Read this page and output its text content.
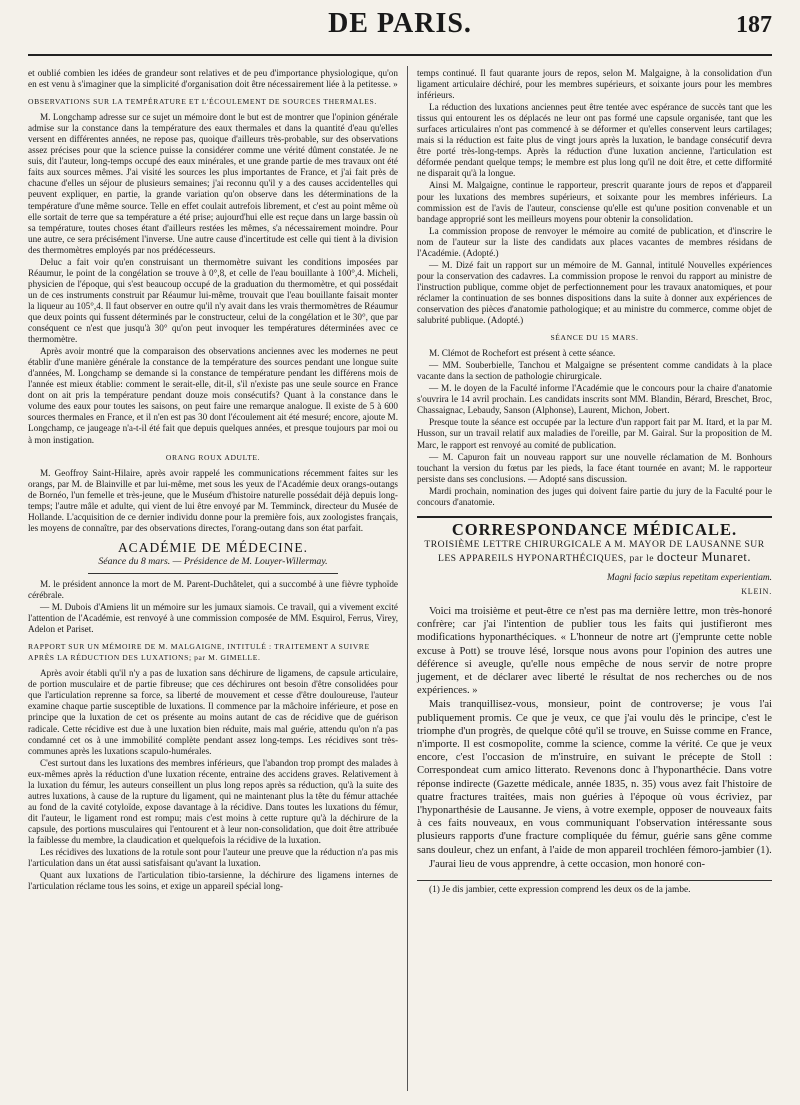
DE PARIS.	187

et oublié combien les idées de grandeur sont relatives et de peu d'importance physiologique, qu'on en est venu à s'imaginer que la simplicité d'organisation doit être nécessairement liée à la petitesse. »

OBSERVATIONS SUR LA TEMPÉRATURE ET L'ÉCOULEMENT DE SOURCES THERMALES.

M. Longchamp adresse sur ce sujet un mémoire dont le but est de montrer que l'opinion générale admise sur la constance dans la température des eaux thermales et dans la quantité d'eau qu'elles versent en différentes années, ne repose pas, quoique d'ailleurs très-probable, sur des observations assez précises pour que la science puisse la considérer comme une vérité dûment constatée. Je ne suis, dit l'auteur, long-temps occupé des eaux minérales, et une grande partie de mes travaux ont été faits aux sources mêmes. J'ai visité les sources les plus importantes de France, et j'ai fait près de chacune d'elles un séjour de plusieurs semaines; j'ai reconnu qu'il y a des causes accidentelles qui peuvent expliquer, en partie, la grande variation qu'on observe dans les déterminations de la température d'une même source. Telle en effet coulait autrefois librement, et c'est au point même où elle sortait de terre que sa température a été prise; aujourd'hui elle est reçue dans un large bassin où sa température, toutes choses étant d'ailleurs restées les mêmes, s'a nécessairement moindre. Pour une autre, ce sera précisément l'inverse. Une autre cause d'incertitude est celle qui tient à la division des thermomètres employés par nos prédécesseurs.

Deluc a fait voir qu'en construisant un thermomètre suivant les conditions imposées par Réaumur, le point de la congélation se trouve à 0°,8, et celle de l'eau bouillante à 100°,4. Micheli, physicien de l'époque, qui s'est beaucoup occupé de la graduation du thermomètre, et qui possédait un de ces instruments construit par Réaumur lui-même, trouvait que l'eau bouillante faisait monter la liqueur au 105°,4. Il faut observer en outre qu'il n'y avait dans les vrais thermomètres de Réaumur que deux points qui fussent déterminés par le constructeur, celui de la congélation et le 30°, que par conséquent ce n'est que jusqu'à 30° qu'on peut invoquer les températures déterminées avec ce thermomètre.

Après avoir montré que la comparaison des observations anciennes avec les modernes ne peut établir d'une manière générale la constance de la température des sources pendant une longue suite d'années, M. Longchamp se demande si la constance de température pendant les différens mois de l'année est mieux établie: comment le serait-elle, dit-il, s'il n'existe pas une seule source en France dont on ait pris la température pendant douze mois consécutifs? Quant à la constance dans le volume des eaux pour toutes les saisons, on peut faire une remarque analogue. Il existe de 5 à 600 sources thermales en France, et il n'en est pas 30 dont l'écoulement ait été mesuré; encore, ajoute M. Longchamp, ce jaugeage n'a-t-il été fait que depuis quelques années, et presque toujours par moi ou à mon instigation.

ORANG ROUX ADULTE.

M. Geoffroy Saint-Hilaire, après avoir rappelé les communications récemment faites sur les orangs, par M. de Blainville et par lui-même, met sous les yeux de l'Académie deux orangs-outangs de Bornéo, l'un femelle et très-jeune, que le Muséum d'histoire naturelle possédait déjà depuis long-temps; l'autre mâle et adulte, qui vient de lui être envoyé par M. Temminck, directeur du Musée de Hollande. L'acquisition de ce dernier individu donne pour la première fois, aux zoologistes français, les moyens de connaître, par des observations directes, l'orang-outang dans son état parfait.

ACADÉMIE DE MÉDECINE.
Séance du 8 mars. — Présidence de M. Louyer-Willermay.

M. le président annonce la mort de M. Parent-Duchâtelet, qui a succombé à une fièvre typhoïde cérébrale.

— M. Dubois d'Amiens lit un mémoire sur les jumaux siamois. Ce travail, qui a vivement excité l'attention de l'Académie, est renvoyé à une commission composée de MM. Esquirol, Ferrus, Virey, Adelon et Pariset.

RAPPORT SUR UN MÉMOIRE DE M. MALGAIGNE, INTITULÉ : TRAITEMENT A SUIVRE APRÈS LA RÉDUCTION DES LUXATIONS; par M. GIMELLE.

Après avoir établi qu'il n'y a pas de luxation sans déchirure de ligamens, de capsule articulaire, de portion musculaire et de partie fibreuse; que ces déchirures ont besoin d'être consolidées pour que l'articulation reprenne sa force, sa liberté de mouvement et cesse d'être douloureuse, l'auteur examine chaque partie susceptible de luxations. Il commence par la mâchoire inférieure, et pose en principe que la luxation de cet os présente au moins autant de cas de récidive que de guérison radicale. Cette récidive est due à une luxation bien réduite, mais mal guérie, attendu qu'on n'a pas condamné cet os à une immobilité complète pendant assez long-temps. Les récidives sont très-communes après les luxations scapulo-humérales.

C'est surtout dans les luxations des membres inférieurs, que l'abandon trop prompt des malades à eux-mêmes après la réduction d'une luxation récente, entraine des accidens graves. Relativement à la luxation du fémur, les auteurs conseillent un plus long repos après sa réduction, qu'à la suite des autres luxations, à cause de la rupture du ligament, qui ne maintenant plus la tête du fémur attachée au fond de la cavité cotyloïde, expose davantage à la récidive. Dans toutes les luxations du fémur, dit l'auteur, le ligament rond est rompu; mais c'est moins à cette rupture qu'à la déchirure de la capsule, des portions musculaires qui l'entourent et à leur non-consolidation, que doit être attribuée la faiblesse du membre, la claudication et quelquefois la récidive de la luxation.

Les récidives des luxations de la rotule sont pour l'auteur une preuve que la réduction n'a pas mis l'articulation dans un état aussi satisfaisant qu'avant la luxation.

Quant aux luxations de l'articulation tibio-tarsienne, la déchirure des ligamens internes de l'articulation réclame tous les soins, et exige un appareil spécial long-

temps continué. Il faut quarante jours de repos, selon M. Malgaigne, à la consolidation d'un ligament articulaire déchiré, pour les membres supérieurs, et soixante jours pour les membres inférieurs.

La réduction des luxations anciennes peut être tentée avec espérance de succès tant que les tissus qui entourent les os déplacés ne leur ont pas formé une capsule organisée, tant que les surfaces articulaires n'ont pas commencé à se déformer et qu'elles conservent leurs cartilages; mais si la réduction est faite plus de vingt jours après la luxation, le bandage consécutif devra être porté très-long-temps. Après la réduction d'une luxation ancienne, l'articulation est déformée pendant quelque temps; le membre est plus long qu'il ne doit être, et cette difformité ne disparait qu'à la longue.

Ainsi M. Malgaigne, continue le rapporteur, prescrit quarante jours de repos et d'appareil pour les luxations des membres supérieurs, et soixante pour les membres inférieurs. La commission est de l'avis de l'auteur, consciense qu'elle est qu'une position convenable et un bandage approprié sont les meilleurs moyens pour obtenir la consolidation.

La commission propose de renvoyer le mémoire au comité de publication, et d'inscrire le nom de l'auteur sur la liste des candidats aux places vacantes de membres résidans de l'Académie. (Adopté.)

— M. Dizé fait un rapport sur un mémoire de M. Gannal, intitulé Nouvelles expériences pour la conservation des cadavres. La commission propose le renvoi du rapport au ministre de l'instruction publique, comme objet de perfectionnement pour les travaux anatomiques, et pour réclamer la continuation de ses bonnes dispositions dans la suite à donner aux expériences de conservation des pièces d'anatomie pathologique; et au ministre du commerce, comme objet de salubrité publique. (Adopté.)

SÉANCE DU 15 MARS.

M. Clémot de Rochefort est présent à cette séance.

— MM. Souberbielle, Tanchou et Malgaigne se présentent comme candidats à la place vacante dans la section de pathologie chirurgicale.

— M. le doyen de la Faculté informe l'Académie que le concours pour la chaire d'anatomie s'ouvrira le 14 avril prochain. Les candidats inscrits sont MM. Blandin, Bérard, Breschet, Broc, Chassaignac, Lebaudy, Sanson (Alphonse), Laurent, Michon, Jobert.

Presque toute la séance est occupée par la lecture d'un rapport fait par M. Itard, et la par M. Husson, sur un travail relatif aux maladies de l'oreille, par M. Gairal. Sur la proposition de M. Marc, le rapport est renvoyé au comité de publication.

— M. Capuron fait un nouveau rapport sur une nouvelle réclamation de M. Bonhours touchant la version du fœtus par les pieds, la face étant tournée en avant; M. le rapporteur persiste dans ses conclusions. — Adopté sans discussion.

Mardi prochain, nomination des juges qui doivent faire partie du jury de la Faculté pour le concours d'anatomie.

CORRESPONDANCE MÉDICALE.
TROISIÈME LETTRE CHIRURGICALE A M. MAYOR DE LAUSANNE SUR LES APPAREILS HYPONARTHÉCIQUES, par le docteur Munaret.
Magni facio sæpius repetitam experientiam.
KLEIN.

Voici ma troisième et peut-être ce n'est pas ma dernière lettre, mon très-honoré confrère; car j'ai l'intention de publier tous les faits qui justifieront mes modifications hyponarthéciques. « L'honneur de notre art (j'emprunte cette noble excuse à Pott) se trouve lésé, lorsque nous avons pour l'opinion des autres une déférence si aveugle, qu'elle nous empêche de nous servir de notre propre jugement, et de déclarer avec liberté le résultat de nos recherches ou de nos expériences. »

Mais tranquillisez-vous, monsieur, point de controverse; je vous l'ai publiquement promis. Ce que je veux, ce que j'ai voulu dès le principe, c'est le triomphe d'un progrès, de quelque côté qu'il se trouve, en Suisse comme en France, n'importe. Il est cosmopolite, comme la science, comme la vérité. Ce que je veux encore, c'est l'occasion de m'instruire, en suivant le précepte de Stoll : Correspondeat cum amico litterato. Revenons donc à l'hyponarthécie. Dans votre réponse indirecte (Gazette médicale, année 1835, n. 35) vous avez fait l'histoire de quatre fractures traitées, mais non guéries à l'époque où vous écriviez, par l'hyponarthésie de Lausanne. Je viens, à votre exemple, opposer de nouveaux faits à ces faits nouveaux, en vous communiquant l'observation intéressante sous plusieurs rapports d'une fracture compliquée du fémur, guérie sans gêne comme sans douleur, chez un enfant, à l'aide de mon appareil trochléen fémoro-jambier (1).

J'aurai lieu de vous apprendre, à cette occasion, mon honoré con-

(1) Je dis jambier, cette expression comprend les deux os de la jambe.
